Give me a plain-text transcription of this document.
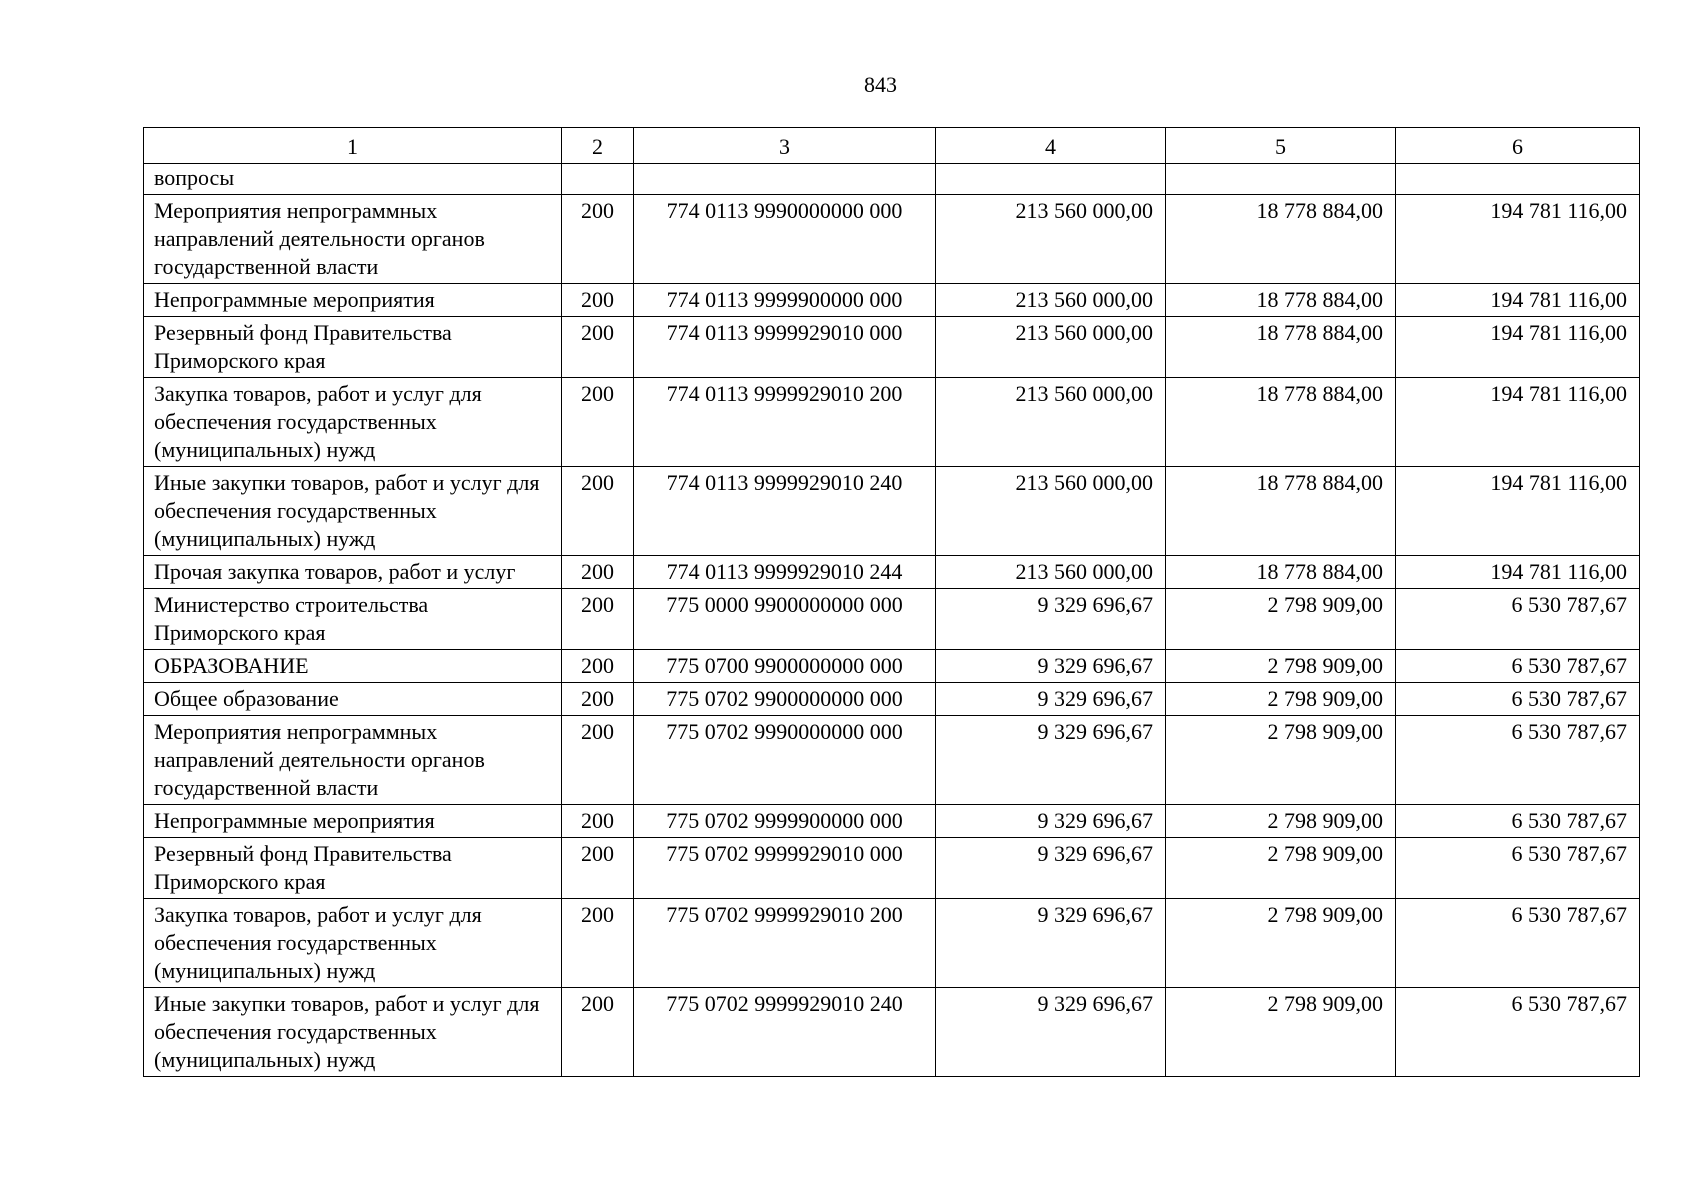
843
1	2	3	4	5	6
вопросы					
Мероприятия непрограммных направлений деятельности органов государственной власти	200	774 0113 9990000000 000	213 560 000,00	18 778 884,00	194 781 116,00
Непрограммные мероприятия	200	774 0113 9999900000 000	213 560 000,00	18 778 884,00	194 781 116,00
Резервный фонд Правительства Приморского края	200	774 0113 9999929010 000	213 560 000,00	18 778 884,00	194 781 116,00
Закупка товаров, работ и услуг для обеспечения государственных (муниципальных) нужд	200	774 0113 9999929010 200	213 560 000,00	18 778 884,00	194 781 116,00
Иные закупки товаров, работ и услуг для обеспечения государственных (муниципальных) нужд	200	774 0113 9999929010 240	213 560 000,00	18 778 884,00	194 781 116,00
Прочая закупка товаров, работ и услуг	200	774 0113 9999929010 244	213 560 000,00	18 778 884,00	194 781 116,00
Министерство строительства Приморского края	200	775 0000 9900000000 000	9 329 696,67	2 798 909,00	6 530 787,67
ОБРАЗОВАНИЕ	200	775 0700 9900000000 000	9 329 696,67	2 798 909,00	6 530 787,67
Общее образование	200	775 0702 9900000000 000	9 329 696,67	2 798 909,00	6 530 787,67
Мероприятия непрограммных направлений деятельности органов государственной власти	200	775 0702 9990000000 000	9 329 696,67	2 798 909,00	6 530 787,67
Непрограммные мероприятия	200	775 0702 9999900000 000	9 329 696,67	2 798 909,00	6 530 787,67
Резервный фонд Правительства Приморского края	200	775 0702 9999929010 000	9 329 696,67	2 798 909,00	6 530 787,67
Закупка товаров, работ и услуг для обеспечения государственных (муниципальных) нужд	200	775 0702 9999929010 200	9 329 696,67	2 798 909,00	6 530 787,67
Иные закупки товаров, работ и услуг для обеспечения государственных (муниципальных) нужд	200	775 0702 9999929010 240	9 329 696,67	2 798 909,00	6 530 787,67
